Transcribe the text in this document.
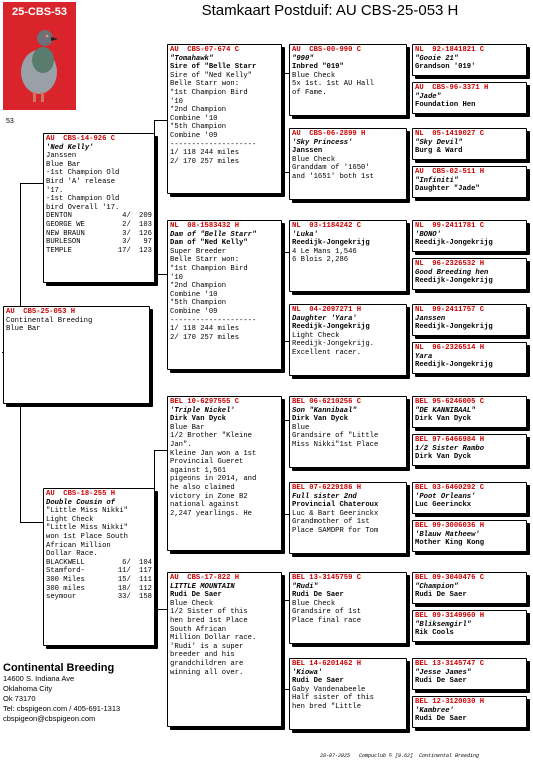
Stamkaart Postduif: AU CBS-25-053 H
25-CBS-53
53
AU  CBS-25-053 H
Continental Breeding
Blue Bar
AU  CBS-14-926 C
'Ned Kelly'
Janssen
Blue Bar
-1st Champion Old
Bird 'A' release
'17.
-1st Champion Old
bird Overall '17.
DENTON	4/	209
GEORGE WE	2/	103
NEW BRAUN	3/	126
BURLESON	3/	97
TEMPLE	17/	123
AU  CBS-18-255 H
Double Cousin of
"Little Miss Nikki"
Light Check
"Little Miss Nikki"
won 1st Place South
African Million
Dollar Race.
BLACKWELL	6/	104
Stamford-	11/	117
300 Miles	15/	111
300 miles	18/	112
seymour	33/	158
AU  CBS-07-674 C
"Tomahawk"
Sire of "Belle Starr
Sire of "Ned Kelly"
Belle Starr won:
*1st Champion Bird
'10
*2nd Champion
Combine '10
*5th Champion
Combine '09
--------------------
1/ 118 244 miles
2/ 170 257 miles
NL  08-1583432 H
Dam of "Belle Starr"
Dam of "Ned Kelly"
Super Breeder
Belle Starr won:
*1st Champion Bird
'10
*2nd Champion
Combine '10
*5th Champion
Combine '09
--------------------
1/ 118 244 miles
2/ 170 257 miles
BEL 10-6297555 C
'Triple Nickel'
Dirk Van Dyck
Blue Bar
1/2 Brother "Kleine
Jan".
Kleine Jan won a 1st
Provincial Gueret
against 1,561
pigeons in 2014, and
he also claimed
victory in Zone B2
national against
2,247 yearlings. He
AU  CBS-17-822 H
LITTLE MOUNTAIN
Rudi De Saer
Blue Check
1/2 Sister of this
hen bred 1st Place
South African
Million Dollar race.
'Rudi' is a super
breeder and his
grandchildren are
winning all over.
AU  CBS-00-990 C
"990"
Inbred "019"
Blue Check
5x 1st. 1st AU Hall
of Fame.
AU  CBS-06-2899 H
'Sky Princess'
Janssen
Blue Check
Granddam of '1650'
and '1651' both 1st
NL  03-1184242 C
'Luka'
Reedijk-Jongekrijg
4 Le Mans 1,546
6 Blois 2,286
NL  04-2097271 H
Daughter 'Yara'
Reedijk-Jongekrijg
Light Check
Reedijk-Jongekrijg.
Excellent racer.
BEL 06-6210256 C
Son "Kannibaal"
Dirk Van Dyck
Blue
Grandsire of "Little
Miss Nikki"1st Place
BEL 07-6229186 H
Full sister 2nd
Provincial Chateroux
Luc & Bart Geerinckx
Grandmother of 1st
Place SAMDPR for Tom
BEL 13-3145759 C
"Rudi"
Rudi De Saer
Blue Check
Grandsire of 1st
Place final race
BEL 14-6201462 H
'Kiowa'
Rudi De Saer
Gaby Vandenabeele
Half sister of this
hen bred "Little
NL  92-1841821 C
"Gooie 21"
Grandson '019'
AU  CBS-96-3371 H
"Jade"
Foundation Hen
NL  05-1419027 C
"Sky Devil"
Burg & Ward
AU  CBS-02-511 H
"Infiniti"
Daughter "Jade"
NL  99-2411781 C
'BONO'
Reedijk-Jongekrijg
NL  96-2326532 H
Good Breeding hen
Reedijk-Jongekrijg
NL  99-2411757 C
Janssen
Reedijk-Jongekrijg
NL  96-2326514 H
Yara
Reedijk-Jongekrijg
BEL 95-6246005 C
"DE KANNIBAAL"
Dirk Van Dyck
BEL 97-6466984 H
1/2 Sister Rambo
Dirk Van Dyck
BEL 03-6460292 C
'Poot Orleans'
Luc Geerinckx
BEL 99-3006036 H
'Blauw Matheew'
Mother King Kong
BEL 09-3040476 C
"Champion"
Rudi De Saer
BEL 09-3149960 H
"Bliksemgirl"
Rik Cools
BEL 13-3145747 C
"Jesse James"
Rudi De Saer
BEL 12-3120030 H
'Kambree'
Rudi De Saer
Continental Breeding
14600 S. Indiana Ave
Oklahoma City
Ok 73170
Tel: cbspigeon.com / 405-691-1313
cbspigeon@cbspigeon.com
28-07-2025   Compuclub © [9.62]  Continental Breeding
